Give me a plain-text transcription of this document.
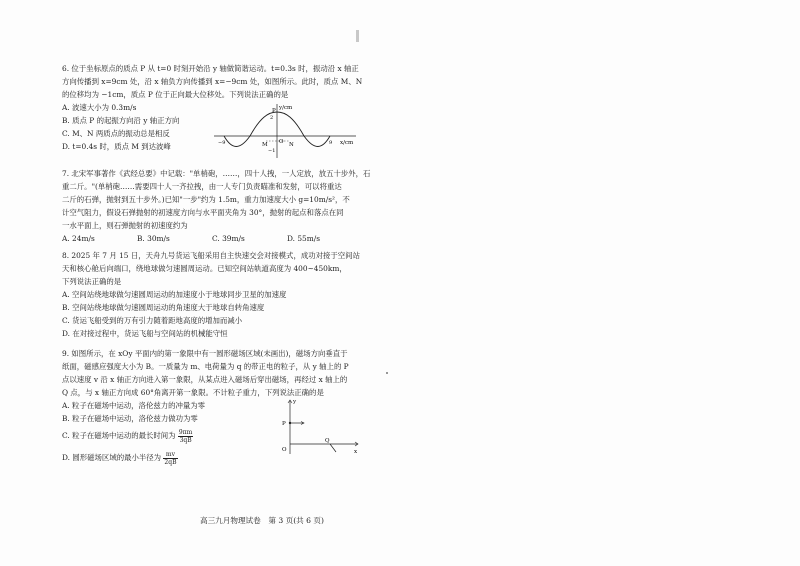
6. 位于坐标原点的质点 P 从 t=0 时刻开始沿 y 轴做简谐运动。t=0.3s 时，振动沿 x 轴正
方向传播到 x=9cm 处，沿 x 轴负方向传播到 x=−9cm 处，如图所示。此时，质点 M、N
的位移均为 −1cm，质点 P 位于正向最大位移处。下列说法正确的是
A. 波速大小为 0.3m/s
B. 质点 P 的起振方向沿 y 轴正方向
C. M、N 两质点的振动总是相反
D. t=0.4s 时，质点 M 到达波峰
y/cm
x/cm
P
M	N
O
2
−1
−9	9
7. 北宋军事著作《武经总要》中记载："单梢砲，……，四十人拽，一人定放，放五十步外，石
重二斤。"(单梢砲……需要四十人一齐拉拽，由一人专门负责瞄准和发射，可以将重达
二斤的石弹，抛射到五十步外。)已知"一步"约为 1.5m，重力加速度大小 g=10m/s²，不
计空气阻力，假设石弹抛射的初速度方向与水平面夹角为 30°，抛射的起点和落点在同
一水平面上，则石弹抛射的初速度约为
A. 24m/s	B. 30m/s	C. 39m/s	D. 55m/s
8. 2025 年 7 月 15 日，天舟九号货运飞船采用自主快速交会对接模式，成功对接于空间站
天和核心舱后向端口，绕地球做匀速圆周运动。已知空间站轨道高度为 400~450km，
下列说法正确的是
A. 空间站绕地球做匀速圆周运动的加速度小于地球同步卫星的加速度
B. 空间站绕地球做匀速圆周运动的角速度大于地球自转角速度
C. 货运飞船受到的万有引力随着距地高度的增加而减小
D. 在对接过程中，货运飞船与空间站的机械能守恒
9. 如图所示，在 xOy 平面内的第一象限中有一圆形磁场区域(未画出)，磁场方向垂直于
纸面，磁感应强度大小为 B。一质量为 m、电荷量为 q 的带正电的粒子，从 y 轴上的 P
点以速度 v 沿 x 轴正方向进入第一象限，从某点进入磁场后穿出磁场，再经过 x 轴上的
Q 点，与 x 轴正方向成 60°角离开第一象限。不计粒子重力，下列说法正确的是
A. 粒子在磁场中运动，洛伦兹力的冲量为零
B. 粒子在磁场中运动，洛伦兹力做功为零
C. 粒子在磁场中运动的最长时间为 $\frac{9\pi m}{3qB}$
D. 圆形磁场区域的最小半径为 $\frac{mv}{2qB}$
y
x
O
P
Q
高三九月物理试卷　第 3 页(共 6 页)
